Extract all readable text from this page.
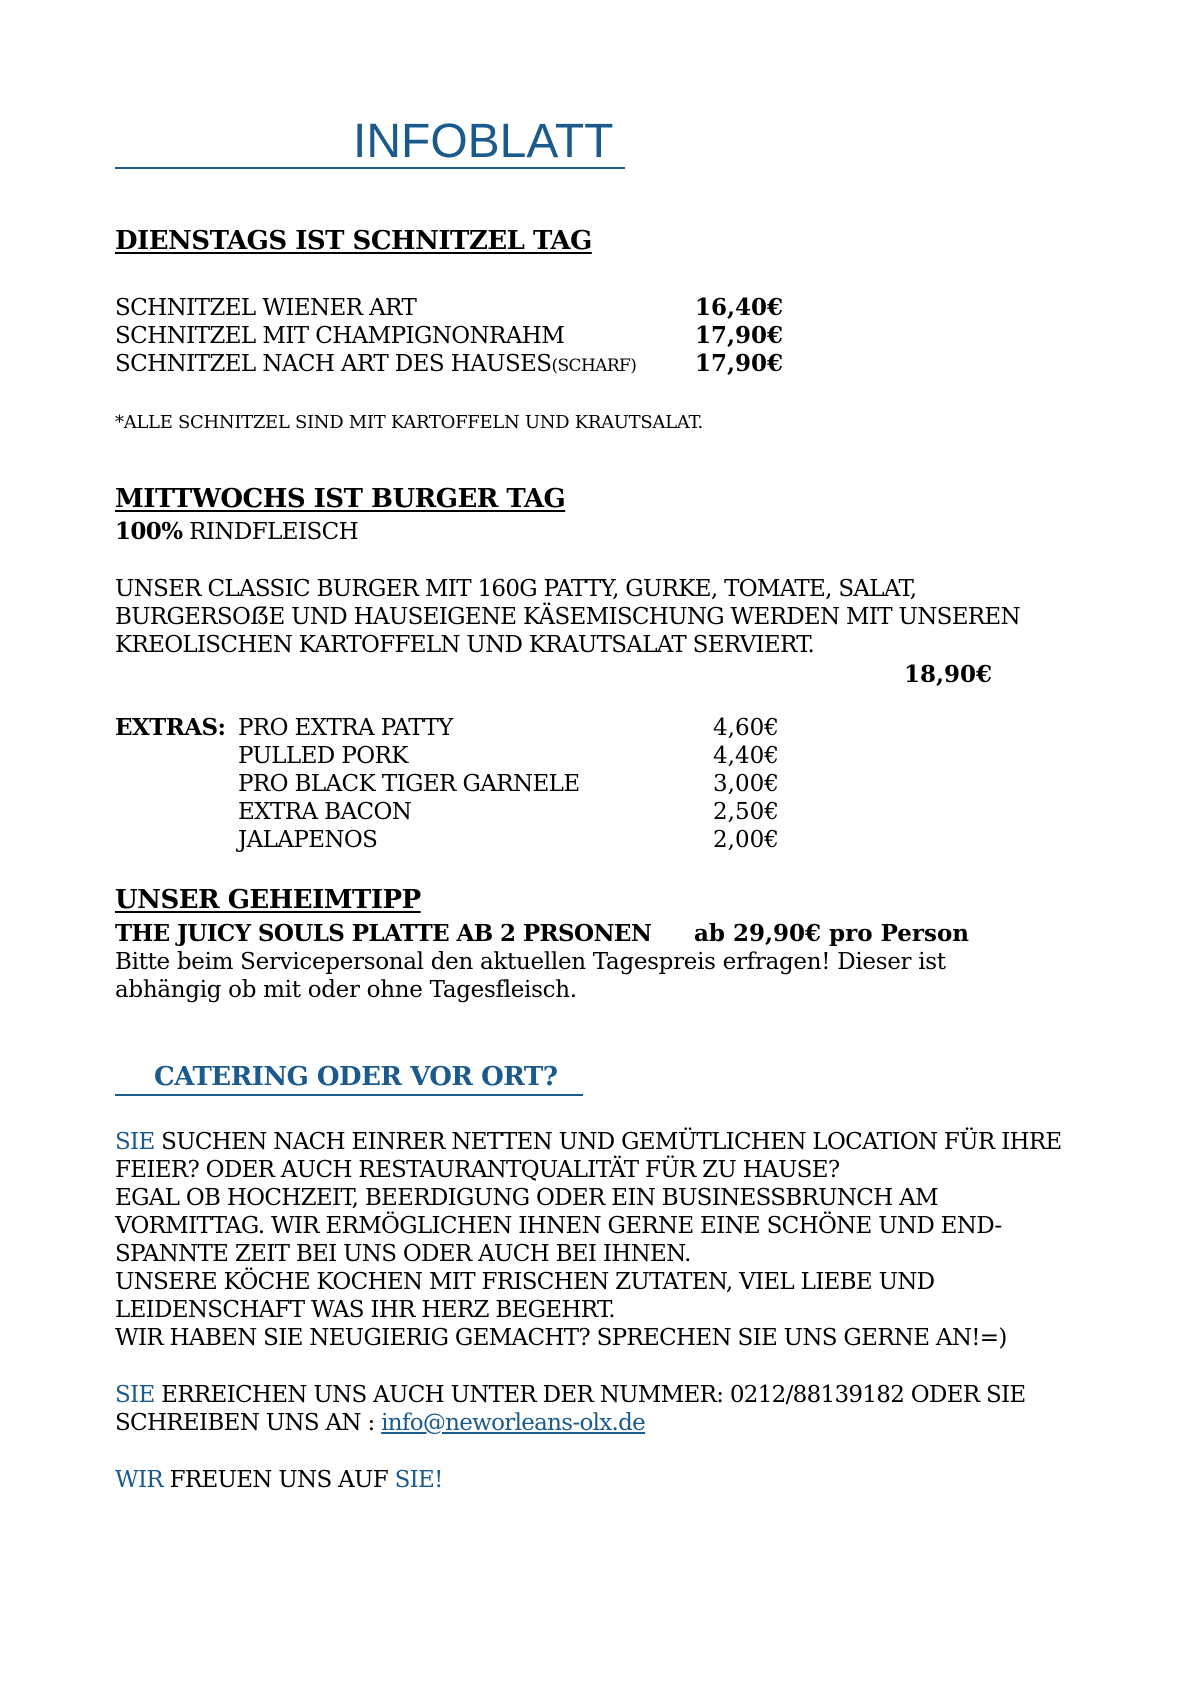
INFOBLATT
DIENSTAGS IST SCHNITZEL TAG
SCHNITZEL WIENER ART	16,40€
SCHNITZEL MIT CHAMPIGNONRAHM	17,90€
SCHNITZEL NACH ART DES HAUSES(SCHARF)	17,90€
*ALLE SCHNITZEL SIND MIT KARTOFFELN UND KRAUTSALAT.
MITTWOCHS IST BURGER TAG
100% RINDFLEISCH
UNSER CLASSIC BURGER MIT 160G PATTY, GURKE, TOMATE, SALAT,
BURGERSOẞE UND HAUSEIGENE KÄSEMISCHUNG WERDEN MIT UNSEREN
KREOLISCHEN KARTOFFELN UND KRAUTSALAT SERVIERT.
18,90€
EXTRAS: PRO EXTRA PATTY	4,60€
PULLED PORK	4,40€
PRO BLACK TIGER GARNELE	3,00€
EXTRA BACON	2,50€
JALAPENOS	2,00€
UNSER GEHEIMTIPP
THE JUICY SOULS PLATTE AB 2 PRSONEN ab 29,90€ pro Person
Bitte beim Servicepersonal den aktuellen Tagespreis erfragen! Dieser ist
abhängig ob mit oder ohne Tagesfleisch.
CATERING ODER VOR ORT?
SIE SUCHEN NACH EINRER NETTEN UND GEMÜTLICHEN LOCATION FÜR IHRE
FEIER? ODER AUCH RESTAURANTQUALITÄT FÜR ZU HAUSE?
EGAL OB HOCHZEIT, BEERDIGUNG ODER EIN BUSINESSBRUNCH AM
VORMITTAG. WIR ERMÖGLICHEN IHNEN GERNE EINE SCHÖNE UND END-
SPANNTE ZEIT BEI UNS ODER AUCH BEI IHNEN.
UNSERE KÖCHE KOCHEN MIT FRISCHEN ZUTATEN, VIEL LIEBE UND
LEIDENSCHAFT WAS IHR HERZ BEGEHRT.
WIR HABEN SIE NEUGIERIG GEMACHT? SPRECHEN SIE UNS GERNE AN!=)
SIE ERREICHEN UNS AUCH UNTER DER NUMMER: 0212/88139182 ODER SIE
SCHREIBEN UNS AN : info@neworleans-olx.de
WIR FREUEN UNS AUF SIE!
